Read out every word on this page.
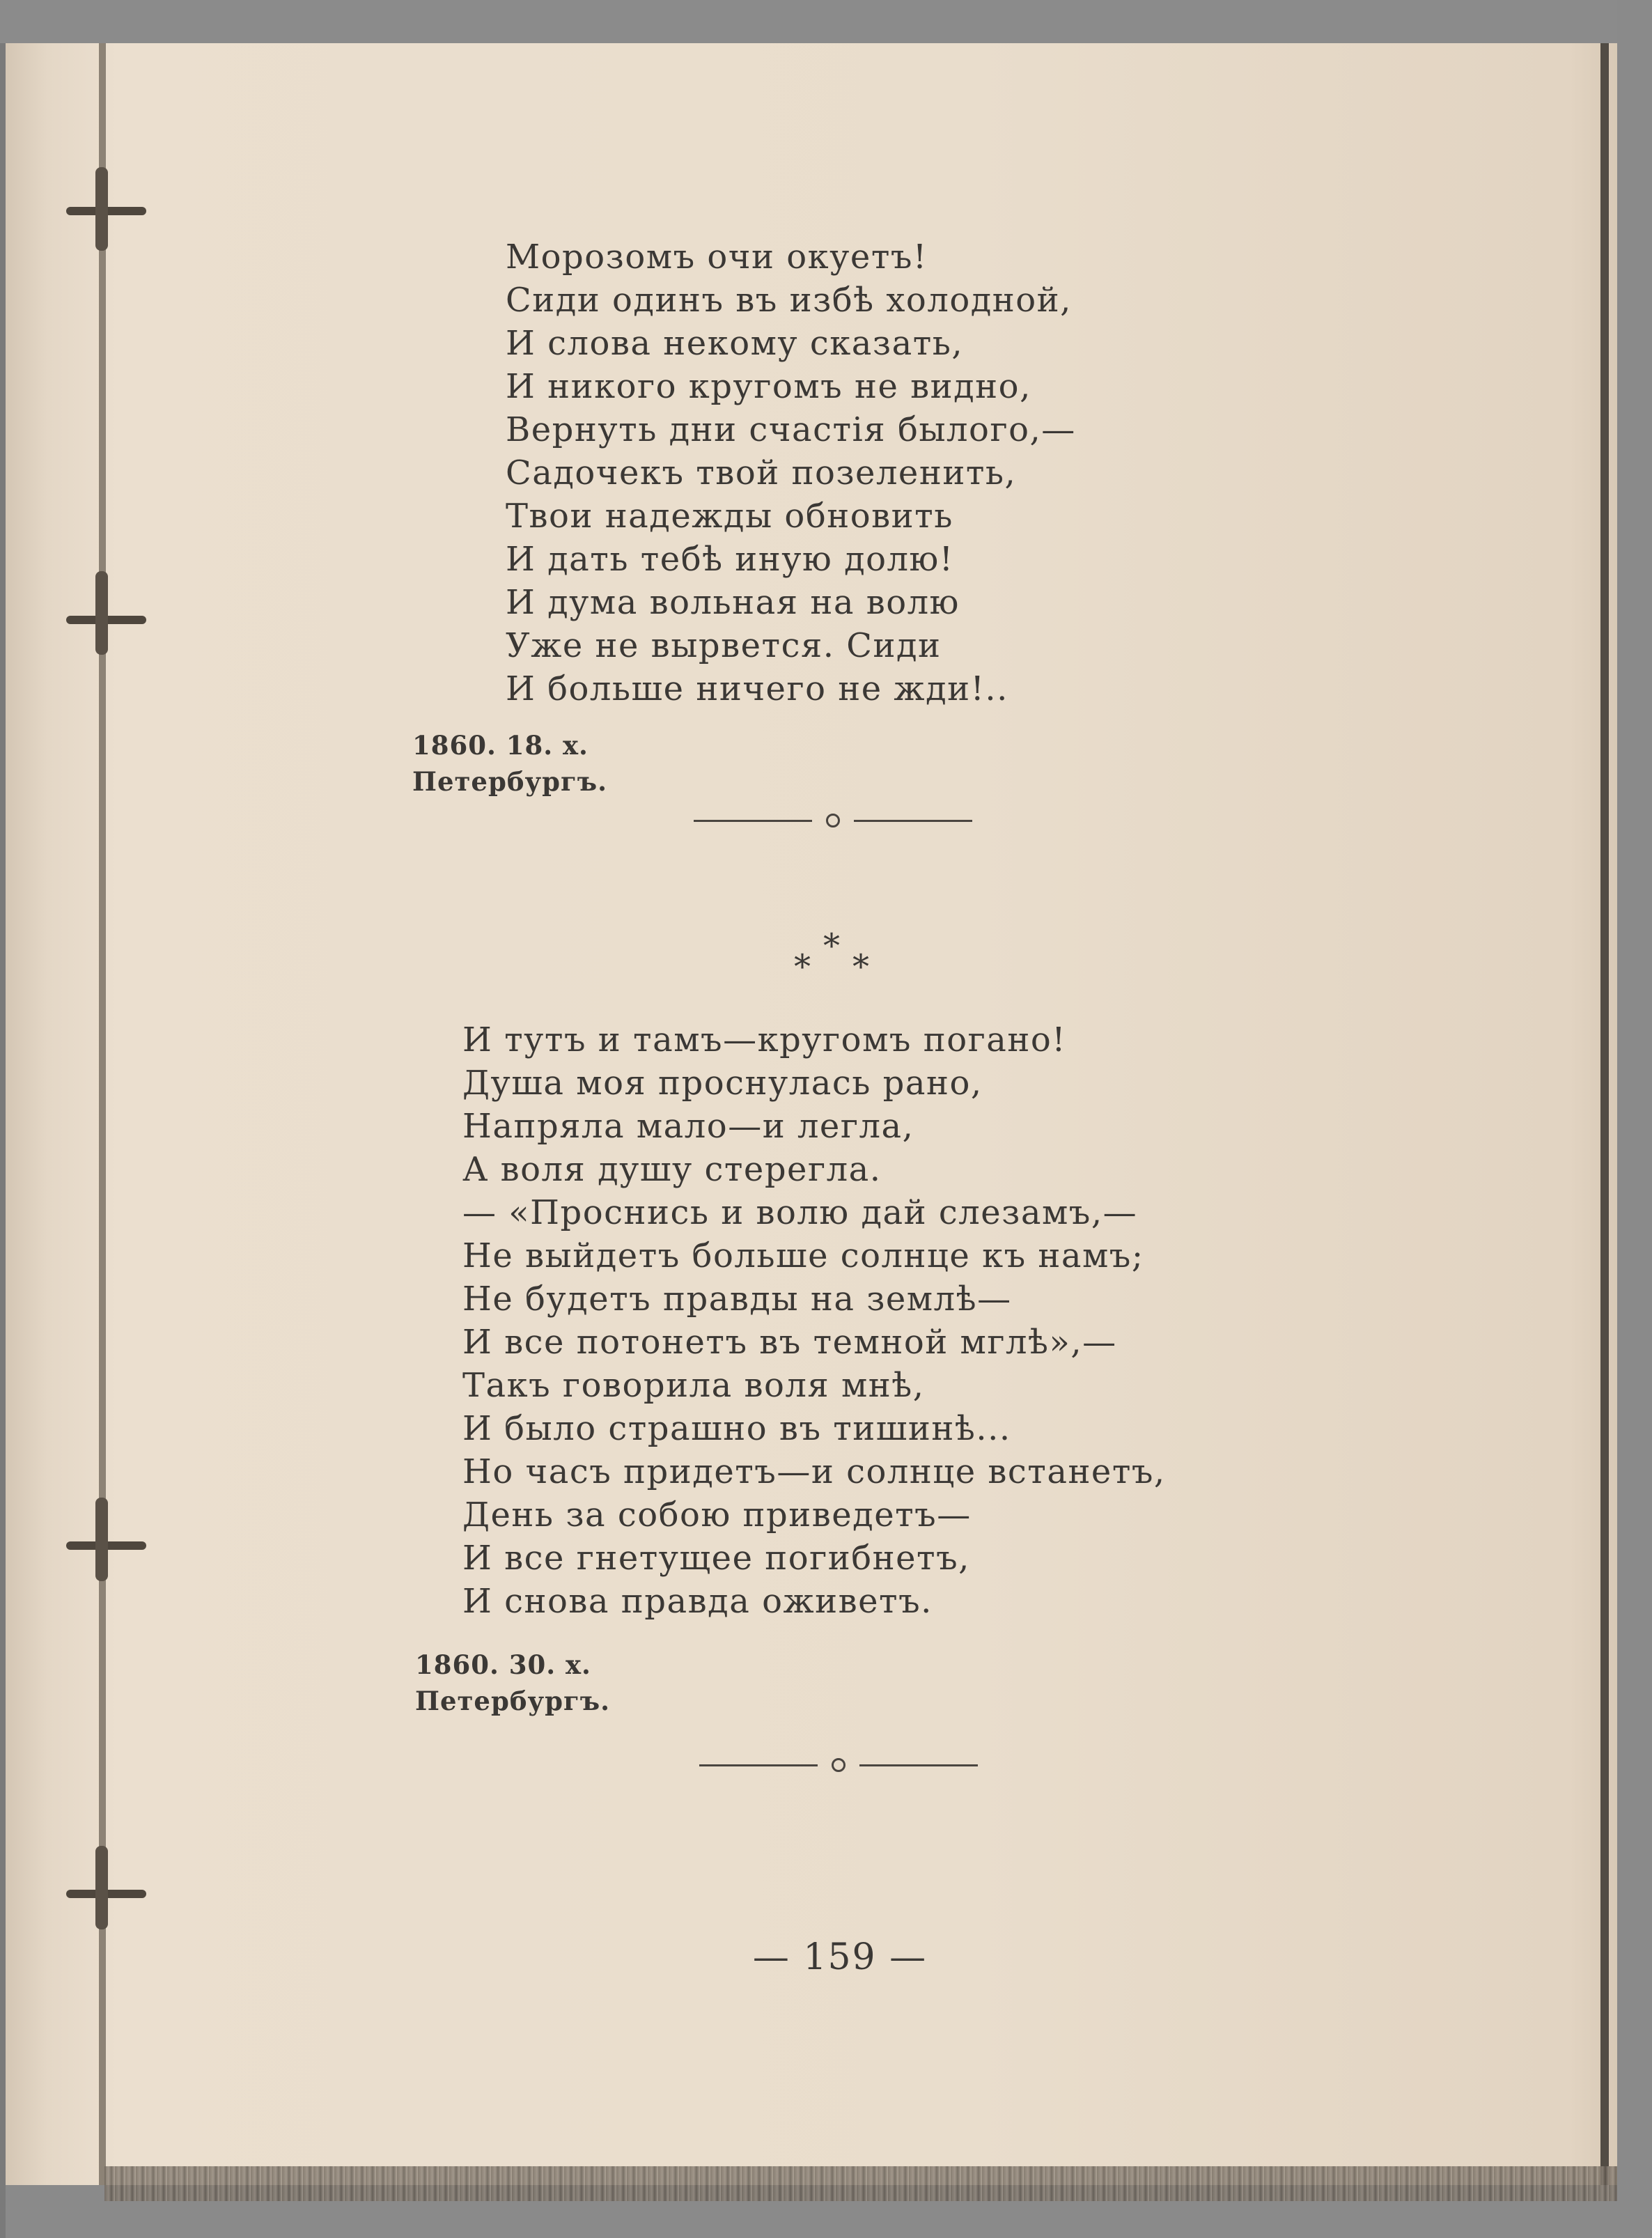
Морозомъ очи окуетъ!
Сиди одинъ въ избѣ холодной,
И слова некому сказать,
И никого кругомъ не видно,
Вернуть дни счастія былого,—
Садочекъ твой позеленить,
Твои надежды обновить
И дать тебѣ иную долю!
И дума вольная на волю
Уже не вырвется. Сиди
И больше ничего не жди!..
1860. 18. x.
Петербургъ.
*
* *
И тутъ и тамъ—кругомъ погано!
Душа моя проснулась рано,
Напряла мало—и легла,
А воля душу стерегла.
— «Проснись и волю дай слезамъ,—
Не выйдетъ больше солнце къ намъ;
Не будетъ правды на землѣ—
И все потонетъ въ темной мглѣ»,—
Такъ говорила воля мнѣ,
И было страшно въ тишинѣ...
Но часъ придетъ—и солнце встанетъ,
День за собою приведетъ—
И все гнетущее погибнетъ,
И снова правда оживетъ.
1860. 30. x.
Петербургъ.
— 159 —
